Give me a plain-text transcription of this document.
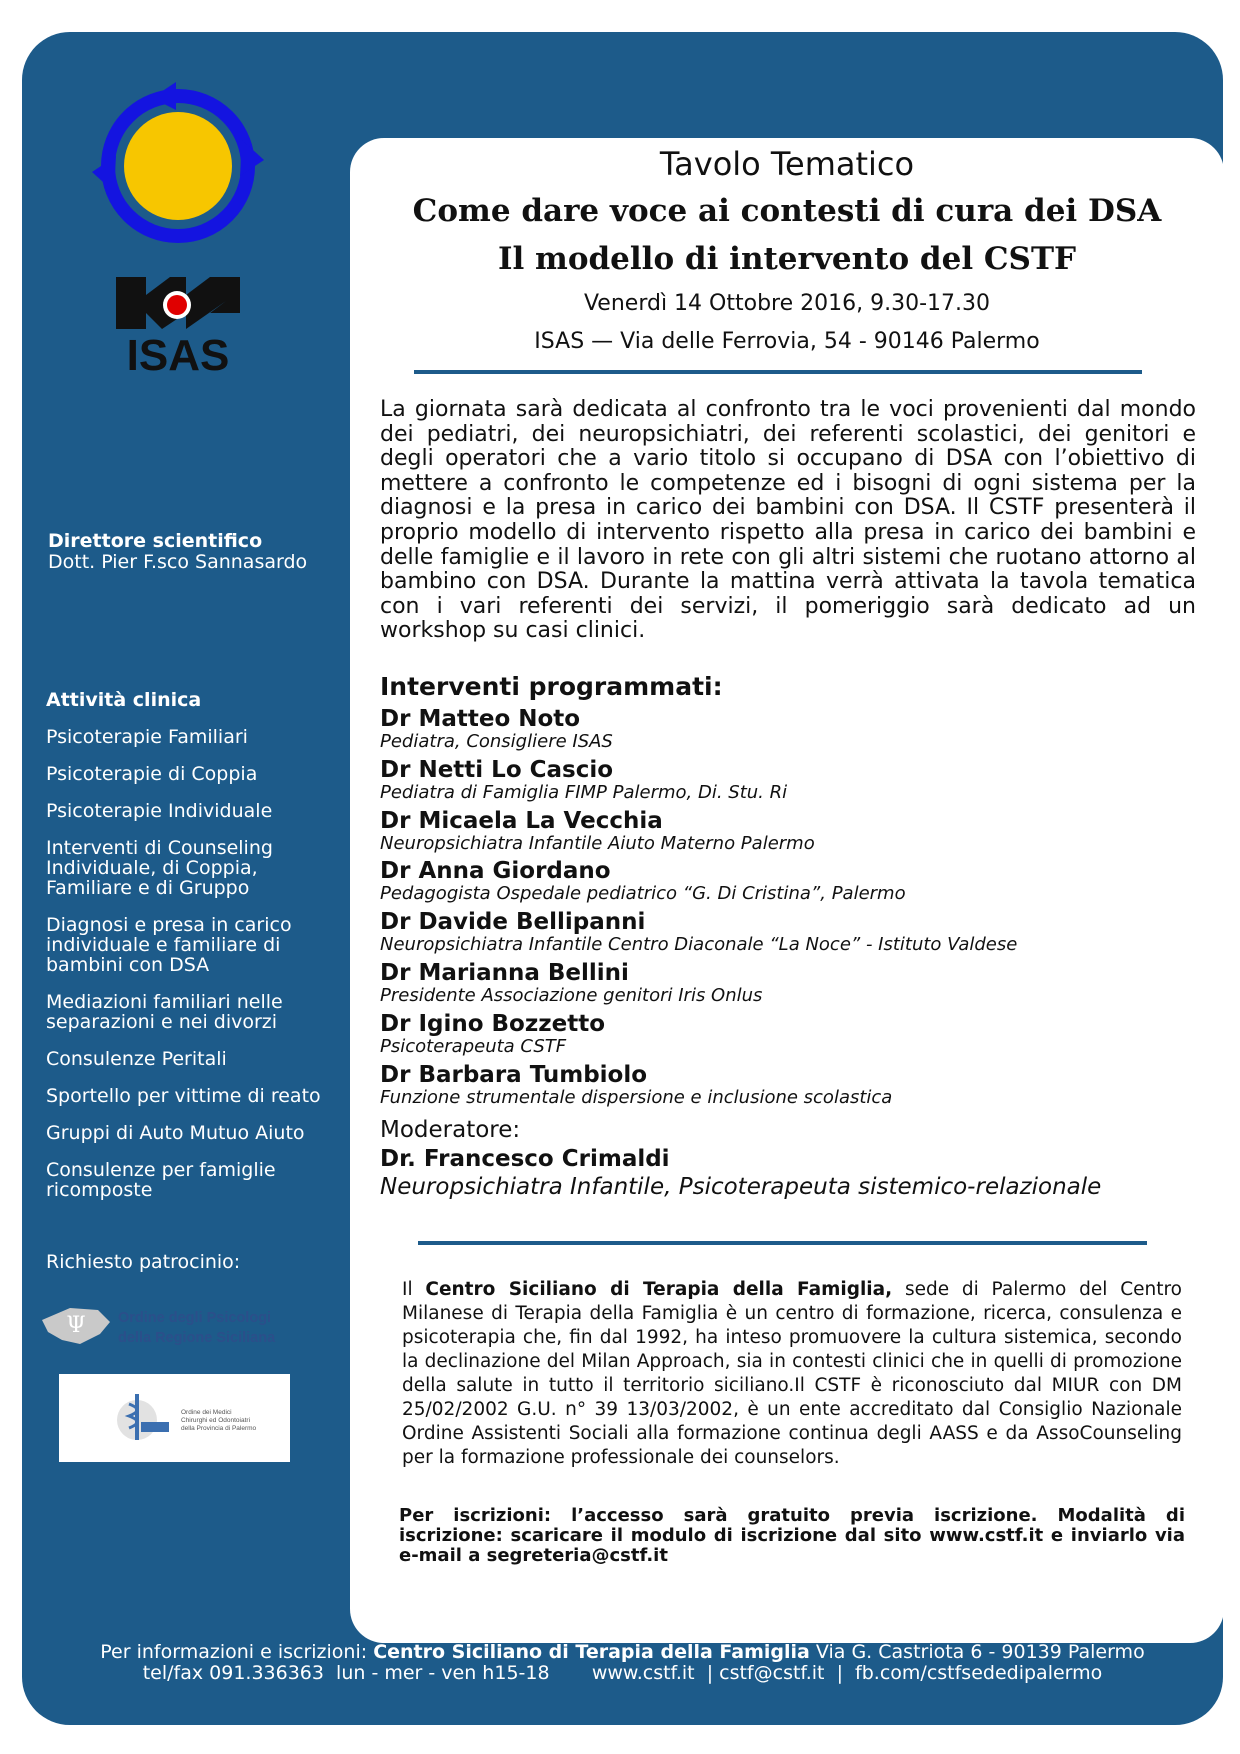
ISAS
Direttore scientifico
Dott. Pier F.sco Sannasardo
Attività clinica
Psicoterapie Familiari
Psicoterapie di Coppia
Psicoterapie Individuale
Interventi di Counseling Individuale, di Coppia, Familiare e di Gruppo
Diagnosi e presa in carico individuale e familiare di bambini con DSA
Mediazioni familiari nelle separazioni e nei divorzi
Consulenze Peritali
Sportello per vittime di reato
Gruppi di Auto Mutuo Aiuto
Consulenze per famiglie ricomposte
Richiesto patrocinio:
Ψ Ordine degli Psicologi
della Regione Siciliana
Ordine dei Medici
Chirurghi ed Odontoiatri
della Provincia di Palermo
Tavolo Tematico
Come dare voce ai contesti di cura dei DSA
Il modello di intervento del CSTF
Venerdì 14 Ottobre 2016, 9.30-17.30
ISAS — Via delle Ferrovia, 54 - 90146 Palermo
La giornata sarà dedicata al confronto tra le voci provenienti dal mondo dei pediatri, dei neuropsichiatri, dei referenti scolastici, dei genitori e degli operatori che a vario titolo si occupano di DSA con l’obiettivo di mettere a confronto le competenze ed i bisogni di ogni sistema per la diagnosi e la presa in carico dei bambini con DSA. Il CSTF presenterà il proprio modello di intervento rispetto alla presa in carico dei bambini e delle famiglie e il lavoro in rete con gli altri sistemi che ruotano attorno al bambino con DSA. Durante la mattina verrà attivata la tavola tematica con i vari referenti dei servizi, il pomeriggio sarà dedicato ad un workshop su casi clinici.
Interventi programmati:
Dr Matteo Noto
Pediatra, Consigliere ISAS
Dr Netti Lo Cascio
Pediatra di Famiglia FIMP Palermo, Di. Stu. Ri
Dr Micaela La Vecchia
Neuropsichiatra Infantile Aiuto Materno Palermo
Dr Anna Giordano
Pedagogista Ospedale pediatrico “G. Di Cristina”, Palermo
Dr Davide Bellipanni
Neuropsichiatra Infantile Centro Diaconale “La Noce” - Istituto Valdese
Dr Marianna Bellini
Presidente Associazione genitori Iris Onlus
Dr Igino Bozzetto
Psicoterapeuta CSTF
Dr Barbara Tumbiolo
Funzione strumentale dispersione e inclusione scolastica
Moderatore:
Dr. Francesco Crimaldi
Neuropsichiatra Infantile, Psicoterapeuta sistemico-relazionale
Il Centro Siciliano di Terapia della Famiglia, sede di Palermo del Centro Milanese di Terapia della Famiglia è un centro di formazione, ricerca, consulenza e psicoterapia che, fin dal 1992, ha inteso promuovere la cultura sistemica, secondo la declinazione del Milan Approach, sia in contesti clinici che in quelli di promozione della salute in tutto il territorio siciliano.Il CSTF è riconosciuto dal MIUR con DM 25/02/2002 G.U. n° 39 13/03/2002, è un ente accreditato dal Consiglio Nazionale Ordine Assistenti Sociali alla formazione continua degli AASS e da AssoCounseling per la formazione professionale dei counselors.
Per iscrizioni: l’accesso sarà gratuito previa iscrizione. Modalità di iscrizione: scaricare il modulo di iscrizione dal sito www.cstf.it e inviarlo via e-mail a segreteria@cstf.it
Per informazioni e iscrizioni: Centro Siciliano di Terapia della Famiglia Via G. Castriota 6 - 90139 Palermo
tel/fax 091.336363  lun - mer - ven h15-18       www.cstf.it  | cstf@cstf.it  |  fb.com/cstfsededipalermo
